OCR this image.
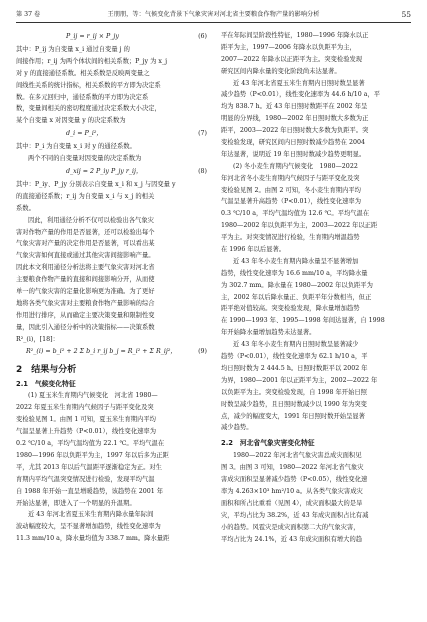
第 37 卷	王朋朋，等：气候变化背景下气象灾害对河北省主要粮食作物产量的影响分析	55
P_ij = r_ij × P_jy	(6)
其中：P_ij 为自变量 x_i 通过自变量 j 的
间接作用；r_ij 为两个体状间的相关系数；P_jy 为 x_j
对 y 的直接通径系数。相关系数是反映两变量之
间线性关系的统计指标，相关系数的平方即为决定系
数。在多元回归中，通径系数的平方即为决定系
数，变量间相关的密切程度通过决定系数大小决定，
某个自变量 x 对因变量 y 的决定系数为
d_i = P_i²，	(7)
其中：P_i 为自变量 x_i 对 y 的通径系数。
两个不同的自变量对因变量的决定系数为
d_xij = 2 P_iy P_jy r_ij，	(8)
其中：P_iy、P_jy 分别表示自变量 x_i 和 x_j 与因变量 y
的直接通径系数；r_ij 为自变量 x_i 与 x_j 的相关
系数。
因此，利用通径分析不仅可以检验出各气象灾
害对作物产量的作用是否显著，还可以检验出每个
气象灾害对产量的决定作用是否显著，可以看出某
气象灾害如何直接或通过其他灾害间接影响产量。
因此本文利用通径分析法将主要气象灾害对河北省
主要粮食作物产量的直接和间接影响分开，从而使
单一的气象灾害的定量化影响更为准确。为了更好
地将各类气象灾害对主要粮食作物产量影响的综合
作用进行排序，从而确定主要决策变量和限制性变
量，因此引入通径分析中的决策指标——决策系数
R²_(i)，[18]：
R²_(i) = b_i² + 2 Σ b_i r_ij b_j = R_i² + Σ R_ij²，	(9)
2　结果与分析
2.1　气候变化特征
(1) 夏玉米生育期内气候变化　河北省 1980—
2022 年夏玉米生育期内气候因子与距平变化及突
变检验见图 1。由图 1 可知，夏玉米生育期内平均
气温呈显著上升趋势（P<0.01），线性变化速率为
0.2 ℃/10 a，平均气温均值为 22.1 ℃。平均气温在
1980—1996 年以负距平为主，1997 年以后多为正距
平，尤其 2013 年以后气温距平逐渐稳定为正。对生
育期内平均气温突变情况进行检验，发现平均气温
自 1988 年开始一直呈增暖趋势，该趋势在 2001 年
开始达显著，即进入了一个明显的升温期。
近 43 年河北省夏玉米生育期内降水量年际间
波动幅度较大，呈不显著增加趋势，线性变化速率为
11.3 mm/10 a，降水量均值为 338.7 mm。降水量距
平在年际间呈阶段性特征，1980—1996 年降水以正
距平为主，1997—2006 年降水以负距平为主，
2007—2022 年降水以正距平为主。突变检验发现
研究区间内降水量的变化阶段尚未达显著。
近 43 年河北省夏玉米生育期内日照时数呈显著
减少趋势（P<0.01），线性变化速率为 44.6 h/10 a，平
均为 838.7 h。近 43 年日照时数距平在 2002 年呈
明显的分界线，1980—2002 年日照时数大多数为正
距平，2003—2022 年日照时数大多数为负距平。突
变检验发现，研究区间内日照时数减少趋势在 2004
年达显著，说明近 19 年日照时数减少趋势更明显。
(2) 冬小麦生育期内气候变化　1980—2022
年河北省冬小麦生育期内气候因子与距平变化及突
变检验见图 2。由图 2 可知，冬小麦生育期内平均
气温呈显著升高趋势（P<0.01），线性变化速率为
0.3 ℃/10 a，平均气温均值为 12.6 ℃。平均气温在
1980—2002 年以负距平为主，2003—2022 年以正距
平为主。对突变情况进行检验，生育期内增温趋势
在 1996 年以后显著。
近 43 年冬小麦生育期内降水量呈不显著增加
趋势，线性变化速率为 16.6 mm/10 a，平均降水量
为 302.7 mm。降水量在 1980—2002 年以负距平为
主，2002 年以后降水量正、负距平年分数相当，但正
距平绝对值较高。突变检验发现，降水量增加趋势
在 1990—1993 年、1995—1998 年间达显著，自 1998
年开始降水量增加趋势未达显著。
近 43 年冬小麦生育期内日照时数呈显著减少
趋势（P<0.01），线性变化速率为 62.1 h/10 a，平
均日照时数为 2 444.5 h。日照时数距平以 2002 年
为界，1980—2001 年以正距平为主，2002—2022 年
以负距平为主。突变检验发现，自 1998 年开始日照
时数呈减少趋势，且日照时数减少以 1990 年为突变
点，减少的幅度变大，1991 年日照时数开始呈显著
减少趋势。
2.2　河北省气象灾害变化特征
1980—2022 年河北省气象灾害总成灾面积见
图 3。由图 3 可知，1980—2022 年河北省气象灾
害成灾面积呈显著减少趋势（P<0.05），线性变化速
率为 4.263×10³ hm²/10 a。从各类气象灾害成灾
面积和所占比重看（见图 4），成灾面积最大的是旱
灾，平均占比为 38.2%，近 43 年成灾面积占比有减
小的趋势。风雹灾是成灾面积第二大的气象灾害，
平均占比为 24.1%，近 43 年成灾面积有增大的趋
